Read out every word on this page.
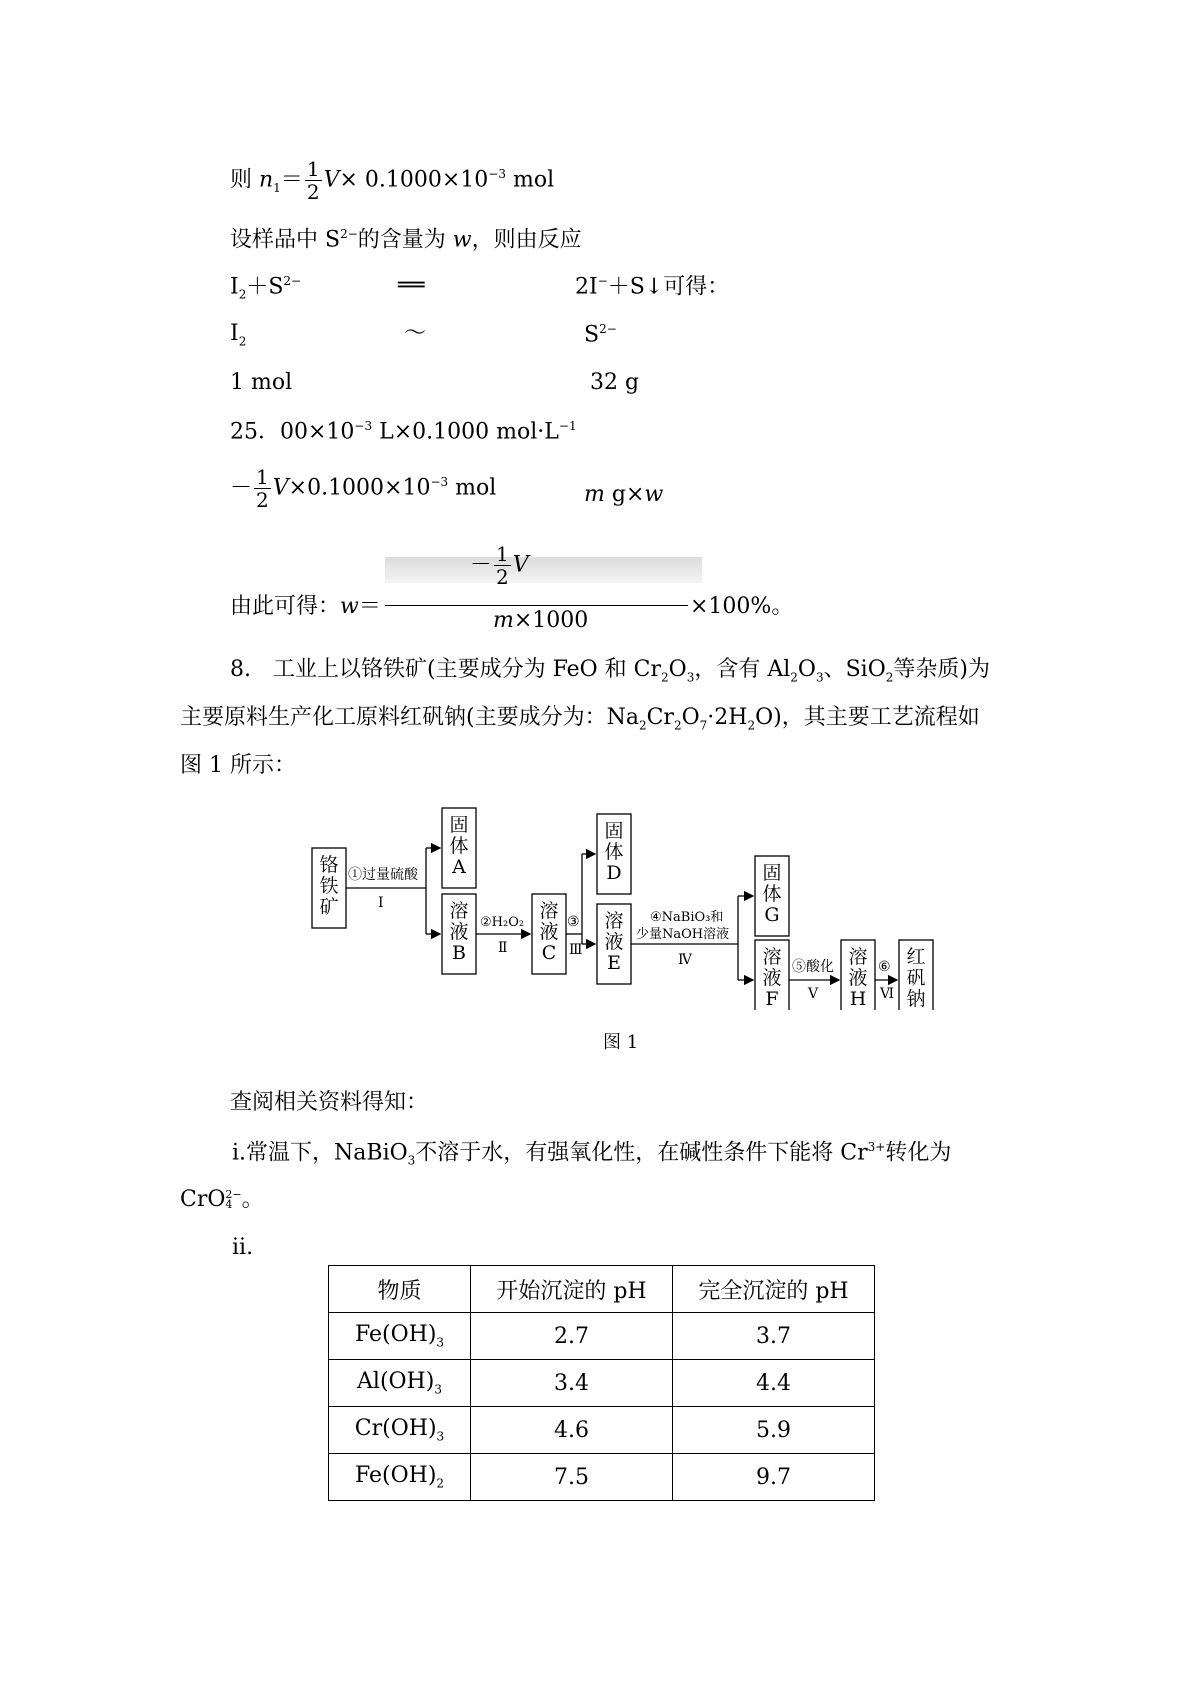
则 $n_1= \frac{1}{2} V\times 0.1000\times 10^{-3}$ mol
设样品中 $S^{2-}$的含量为 w，则由反应
$I_2+S^{2-}$	══	2I−＋S↓可得：
$I_2$	～	$S^{2-}$
1 mol	32 g
25．$00\times 10^{-3}$ L×0.1000 $mol\cdot L^{-1}$
－ $\frac{1}{2} V\times 0.1000\times 10^{-3}$ mol	m g×w
由此可得：w＝
－ $\frac{1}{2}$ V
m×1000
×100%。
8.　工业上以铬铁矿(主要成分为 FeO 和 $Cr_2O_3$，含有 $Al_2O_3$、SiO$_2$等杂质)为
主要原料生产化工原料红矾钠(主要成分为：$Na_2Cr_2O_7\cdot 2H_2O$)，其主要工艺流程如
图 1 所示：
铬
铁
矿
固
体
A
溶
液
B
溶
液
C
固
体
D
溶
液
E
固
体
G
溶
液
F
溶
液
H
红
矾
钠
①过量硫酸
Ⅰ
②H₂O₂
Ⅱ
③
Ⅲ
④NaBiO₃和
少量NaOH溶液
Ⅳ	⑤酸化
Ⅴ
⑥
Ⅵ
图 1
查阅相关资料得知：
ⅰ.常温下，NaBiO$_3$不溶于水，有强氧化性，在碱性条件下能将 $Cr^{3+}$转化为
CrO 2−
4 。
ⅱ.
物质	开始沉淀的 pH	完全沉淀的 pH
$Fe(OH)_3$	2.7	3.7
$Al(OH)_3$	3.4	4.4
$Cr(OH)_3$	4.6	5.9
$Fe(OH)_2$	7.5	9.7
